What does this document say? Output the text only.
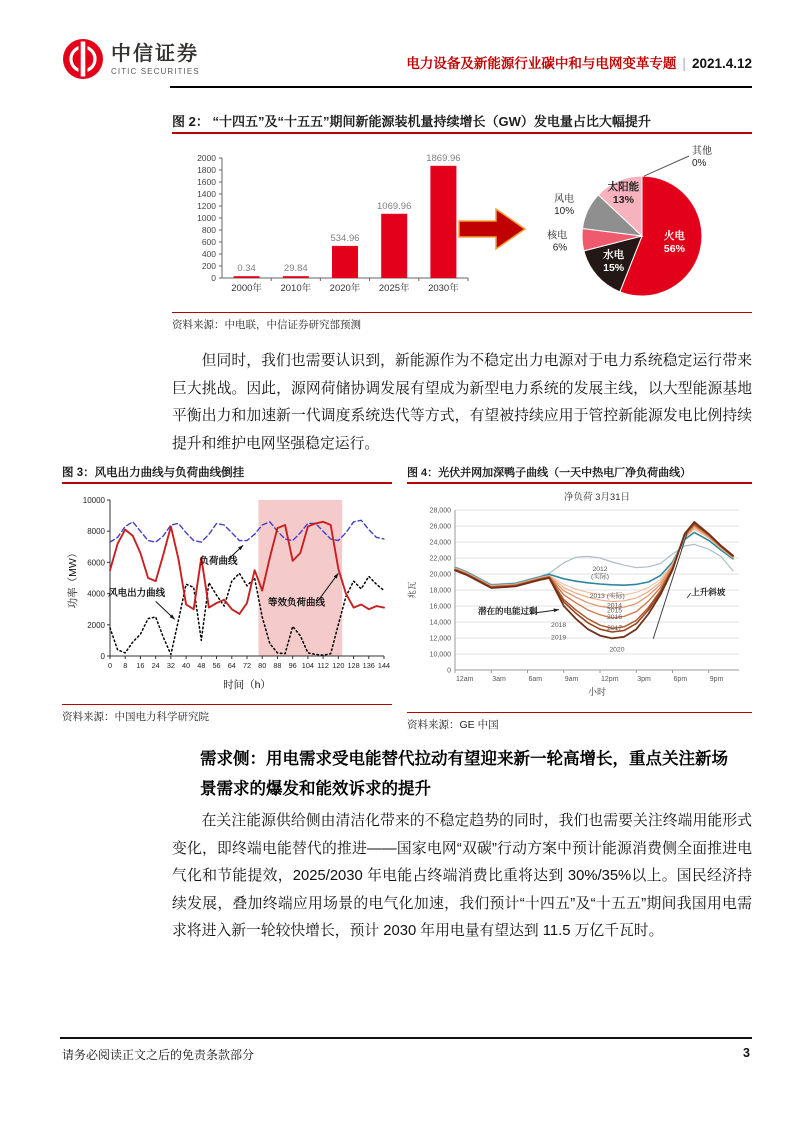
中信证券
CITIC SECURITIES	电力设备及新能源行业碳中和与电网变革专题 | 2021.4.12
图 2： “十四五”及“十五五”期间新能源装机量持续增长（GW）发电量占比大幅提升
0
200
400
600
800
1000
1200
1400
1600
1800
2000
0.34
2000年
29.84
2010年
534.96
2020年
1069.96
2025年
1869.96
2030年
火电 56%
水电 15%
核电 6%
风电 10%
太阳能 13%
其他 0%
资料来源：中电联，中信证券研究部预测
但同时，我们也需要认识到，新能源作为不稳定出力电源对于电力系统稳定运行带来巨大挑战。因此，源网荷储协调发展有望成为新型电力系统的发展主线，以大型能源基地平衡出力和加速新一代调度系统迭代等方式，有望被持续应用于管控新能源发电比例持续提升和维护电网坚强稳定运行。
图 3：风电出力曲线与负荷曲线倒挂	图 4：光伏并网加深鸭子曲线（一天中热电厂净负荷曲线）
0
2000
4000
6000
8000
10000
0 8 16 24 32 40 48 56 64 72 80 88 96 104 112 120 128 136 144
负荷曲线
风电出力曲线
等效负荷曲线
时间（h）
功率（MW）
0
10,000
12,000
14,000
16,000
18,000
20,000
22,000
24,000
26,000
28,000
12am	3am	6am	9am	12pm	3pm	6pm	9pm
2012 (实际)
2013 (实际)
2014
2015
2016
2017
2018
2019
2020
潜在的电能过剩
上升斜坡
净负荷 3月31日
小时
兆瓦
资料来源：中国电力科学研究院
资料来源：GE 中国
需求侧：用电需求受电能替代拉动有望迎来新一轮高增长，重点关注新场景需求的爆发和能效诉求的提升
在关注能源供给侧由清洁化带来的不稳定趋势的同时，我们也需要关注终端用能形式变化，即终端电能替代的推进——国家电网“双碳”行动方案中预计能源消费侧全面推进电气化和节能提效，2025/2030 年电能占终端消费比重将达到 30%/35%以上。国民经济持续发展，叠加终端应用场景的电气化加速，我们预计“十四五”及“十五五”期间我国用电需求将进入新一轮较快增长，预计 2030 年用电量有望达到 11.5 万亿千瓦时。
请务必阅读正文之后的免责条款部分	3
